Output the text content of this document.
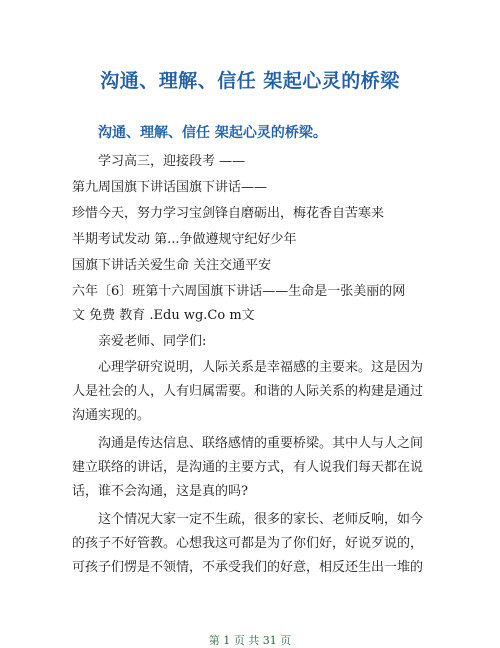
沟通、理解、信任 架起心灵的桥梁
沟通、理解、信任 架起心灵的桥梁。
学习高三，迎接段考 ——
第九周国旗下讲话国旗下讲话——
珍惜今天，努力学习宝剑锋自磨砺出，梅花香自苦寒来
半期考试发动 第...争做遵规守纪好少年
国旗下讲话关爱生命 关注交通平安
六年〔6〕班第十六周国旗下讲话——生命是一张美丽的网
文 免费 教育 .Edu wg.Co m文
亲爱老师、同学们:
心理学研究说明，人际关系是幸福感的主要来。这是因为
人是社会的人，人有归属需要。和谐的人际关系的构建是通过
沟通实现的。
沟通是传达信息、联络感情的重要桥梁。其中人与人之间
建立联络的讲话，是沟通的主要方式，有人说我们每天都在说
话，谁不会沟通，这是真的吗?
这个情况大家一定不生疏，很多的家长、老师反响，如今
的孩子不好管教。心想我这可都是为了你们好，好说歹说的，
可孩子们愣是不领情，不承受我们的好意，相反还生出一堆的
第 1 页 共 31 页
